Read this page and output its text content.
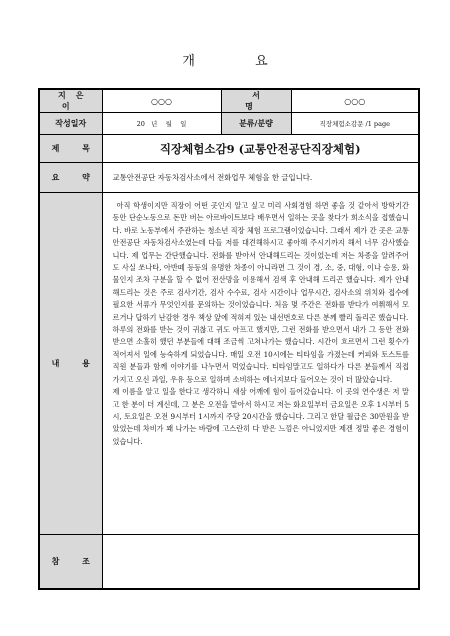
개 요
지은이	○○○	서 명	○○○
작성일자	20   년    월    일	분류/분량	직장체험소감문 /1 page
제 목	직장체험소감9 (교통안전공단직장체험)		
요 약	교통안전공단 자동차검사소에서 전화업무 체험을 한 글입니다.		
내 용	아직 학생이지만 직장이 어떤 곳인지 알고 싶고 미리 사회경험 하면 좋을 것 같아서 방학기간 동안 단순노동으로 돈만 버는 아르바이트보다 배우면서 일하는 곳을 찾다가 희소식을 접했습니다. 바로 노동부에서 주관하는 청소년 직장 체험 프로그램이었습니다. 그래서 제가 간 곳은 교통안전공단 자동차검사소였는데 다들 저를 대견해하시고 좋아해 주시기까지 해서 너무 감사했습니다. 제 업무는 간단했습니다. 전화를 받아서 안내해드리는 것이었는데 저는 차종을 알려주어도 사실 쏘나타, 아반떼 등등의 유명한 차종이 아니라면 그 것이 경, 소, 중, 대형, 이나 승용, 화물인지 조차 구분을 할 수 없어 전산망을 이용해서 검색 후 안내해 드리곤 했습니다. 제가 안내해드리는 것은 주로 검사기간, 검사 수수료, 검사 시간이나 업무시간, 검사소의 위치와 접수에 필요한 서류가 무엇인지를 문의하는 것이었습니다. 처음 몇 주간은 전화를 받다가 여쭤해서 모르거나 답하기 난감한 경우 책상 앞에 적혀져 있는 내선번호로 다른 분께 빨리 돌리곤 했습니다.

하루의 전화를 받는 것이 귀찮고 귀도 아프고 했지만, 그런 전화를 받으면서 내가 그 동안 전화 받으면 소홀히 했던 부분들에 대해 조금씩 고쳐나가는 했습니다. 시간이 흐르면서 그런 횟수가 적어져서 일에 능숙하게 되었습니다. 매일 오전 10시에는 티타임을 가졌는데 커피와 토스트를 직원 분들과 함께 이야기를 나누면서 먹었습니다. 티타임말고도 일하다가 다른 분들께서 직접 가지고 오신 과일, 우유 등으로 일하며 소비하는 에너지보다 들어오는 것이 더 많았습니다.

제 이름을 알고 일을 한다고 생각하니 새삼 어깨에 힘이 들어갔습니다. 이 곳의 연수생은 저 말고 한 분이 더 계신데, 그 분은 오전을 맡아서 하시고 저는 화요일부터 금요일은 오후 1시부터 5시, 토요일은 오전 9시부터 1시까지 주당 20시간을 했습니다. 그리고 한달 월급은 30만원을 받았었는데 차비가 꽤 나가는 바람에 고스란히 다 받은 느낌은 아니었지만 제겐 정말 좋은 경험이었습니다.		

참 조			
